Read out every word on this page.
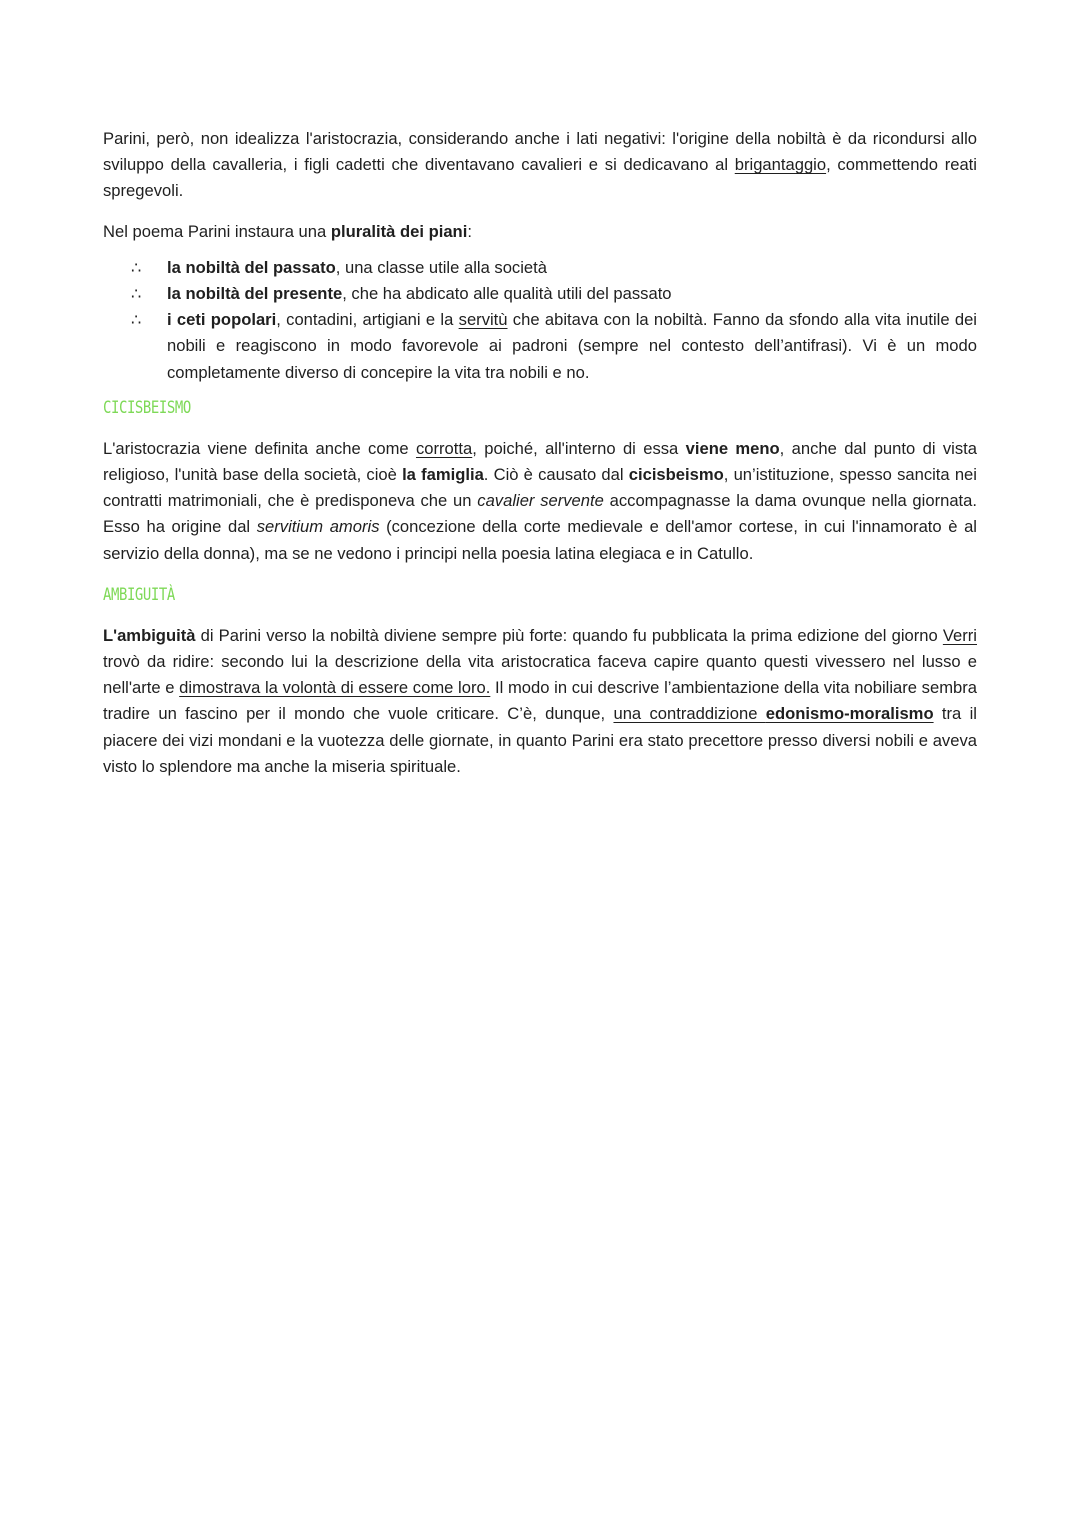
Parini, però, non idealizza l'aristocrazia, considerando anche i lati negativi: l'origine della nobiltà è da ricondursi allo sviluppo della cavalleria, i figli cadetti che diventavano cavalieri e si dedicavano al brigantaggio, commettendo reati spregevoli.

Nel poema Parini instaura una pluralità dei piani:

∴	la nobiltà del passato, una classe utile alla società
∴	la nobiltà del presente, che ha abdicato alle qualità utili del passato
∴	i ceti popolari, contadini, artigiani e la servitù che abitava con la nobiltà. Fanno da sfondo alla vita inutile dei nobili e reagiscono in modo favorevole ai padroni (sempre nel contesto dell’antifrasi). Vi è un modo completamente diverso di concepire la vita tra nobili e no.
CICISBEISMO

L'aristocrazia viene definita anche come corrotta, poiché, all'interno di essa viene meno, anche dal punto di vista religioso, l'unità base della società, cioè la famiglia. Ciò è causato dal cicisbeismo, un’istituzione, spesso sancita nei contratti matrimoniali, che è predisponeva che un cavalier servente accompagnasse la dama ovunque nella giornata. Esso ha origine dal servitium amoris (concezione della corte medievale e dell'amor cortese, in cui l'innamorato è al servizio della donna), ma se ne vedono i principi nella poesia latina elegiaca e in Catullo.

AMBIGUITÀ

L'ambiguità di Parini verso la nobiltà diviene sempre più forte: quando fu pubblicata la prima edizione del giorno Verri trovò da ridire: secondo lui la descrizione della vita aristocratica faceva capire quanto questi vivessero nel lusso e nell'arte e dimostrava la volontà di essere come loro. Il modo in cui descrive l’ambientazione della vita nobiliare sembra tradire un fascino per il mondo che vuole criticare. C’è, dunque, una contraddizione edonismo-moralismo tra il piacere dei vizi mondani e la vuotezza delle giornate, in quanto Parini era stato precettore presso diversi nobili e aveva visto lo splendore ma anche la miseria spirituale.
